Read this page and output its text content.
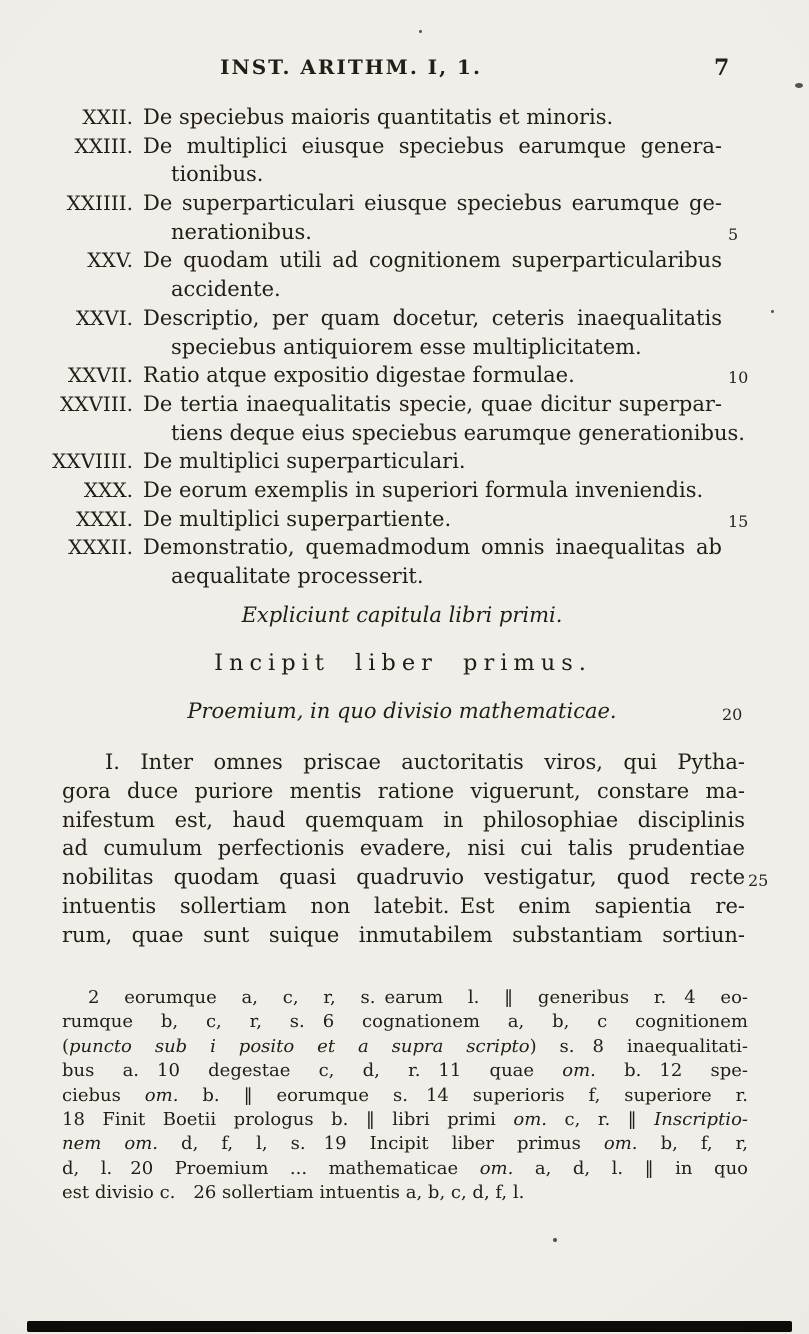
INST. ARITHM. I, 1.	7
XXII. De speciebus maioris quantitatis et minoris.
XXIII. De multiplici eiusque speciebus earumque genera-
tionibus.
XXIIII. De superparticulari eiusque speciebus earumque ge-
nerationibus.	5
XXV. De quodam utili ad cognitionem superparticularibus
accidente.
XXVI. Descriptio, per quam docetur, ceteris inaequalitatis
speciebus antiquiorem esse multiplicitatem.
XXVII. Ratio atque expositio digestae formulae.	10
XXVIII. De tertia inaequalitatis specie, quae dicitur superpar-
tiens deque eius speciebus earumque generationibus.
XXVIIII. De multiplici superparticulari.
XXX. De eorum exemplis in superiori formula inveniendis.
XXXI. De multiplici superpartiente.	15
XXXII. Demonstratio, quemadmodum omnis inaequalitas ab
aequalitate processerit.
Expliciunt capitula libri primi.
Incipit liber primus.
Proemium, in quo divisio mathematicae.	20
I. Inter omnes priscae auctoritatis viros, qui Pytha-
gora duce puriore mentis ratione viguerunt, constare ma-
nifestum est, haud quemquam in philosophiae disciplinis
ad cumulum perfectionis evadere, nisi cui talis prudentiae
nobilitas quodam quasi quadruvio vestigatur, quod recte 25
intuentis sollertiam non latebit. Est enim sapientia re-
rum, quae sunt suique inmutabilem substantiam sortiun-
2 eorumque a, c, r, s. earum l. ‖ generibus r.  4 eo-
rumque b, c, r, s.  6 cognationem a, b, c cognitionem
(puncto sub i posito et a supra scripto) s.  8 inaequalitati-
bus a.  10 degestae c, d, r.  11 quae om. b.  12 spe-
ciebus om. b. ‖ eorumque s.  14 superioris f, superiore r.
18 Finit Boetii prologus b. ‖ libri primi om. c, r. ‖ Inscriptio-
nem om. d, f, l, s.  19 Incipit liber primus om. b, f, r,
d, l.  20 Proemium ... mathematicae om. a, d, l. ‖ in quo
est divisio c.  26 sollertiam intuentis a, b, c, d, f, l.
